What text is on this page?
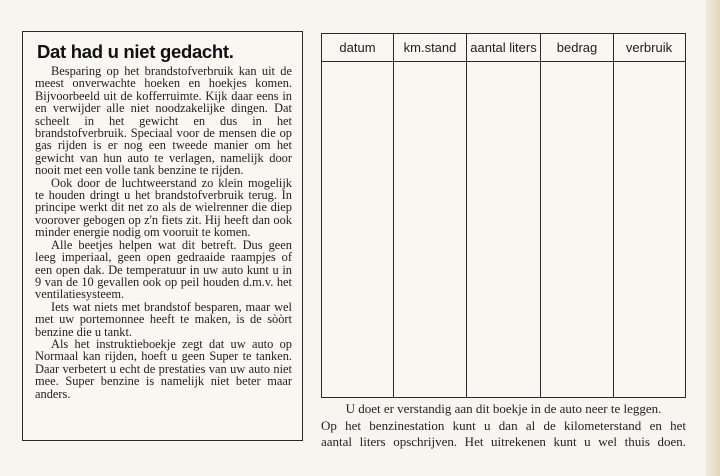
Dat had u niet gedacht.

Besparing op het brandstofverbruik kan uit de meest onverwachte hoeken en hoekjes komen. Bijvoorbeeld uit de kofferruimte. Kijk daar eens in en verwijder alle niet noodzakelijke dingen. Dat scheelt in het gewicht en dus in het brandstofverbruik. Speciaal voor de mensen die op gas rijden is er nog een tweede manier om het gewicht van hun auto te verlagen, namelijk door nooit met een volle tank benzine te rijden.

Ook door de luchtweerstand zo klein mogelijk te houden dringt u het brandstofverbruik terug. In principe werkt dit net zo als de wielrenner die diep voorover gebogen op z'n fiets zit. Hij heeft dan ook minder energie nodig om vooruit te komen.

Alle beetjes helpen wat dit betreft. Dus geen leeg imperiaal, geen open gedraaide raampjes of een open dak. De temperatuur in uw auto kunt u in 9 van de 10 gevallen ook op peil houden d.m.v. het ventilatiesysteem.

Iets wat niets met brandstof besparen, maar wel met uw portemonnee heeft te maken, is de sòòrt benzine die u tankt.

Als het instruktieboekje zegt dat uw auto op Normaal kan rijden, hoeft u geen Super te tanken. Daar verbetert u echt de prestaties van uw auto niet mee. Super benzine is namelijk niet beter maar anders.

datum	km.stand	aantal liters	bedrag	verbruik

U doet er verstandig aan dit boekje in de auto neer te leggen.

Op het benzinestation kunt u dan al de kilometerstand en het

aantal liters opschrijven. Het uitrekenen kunt u wel thuis doen.
